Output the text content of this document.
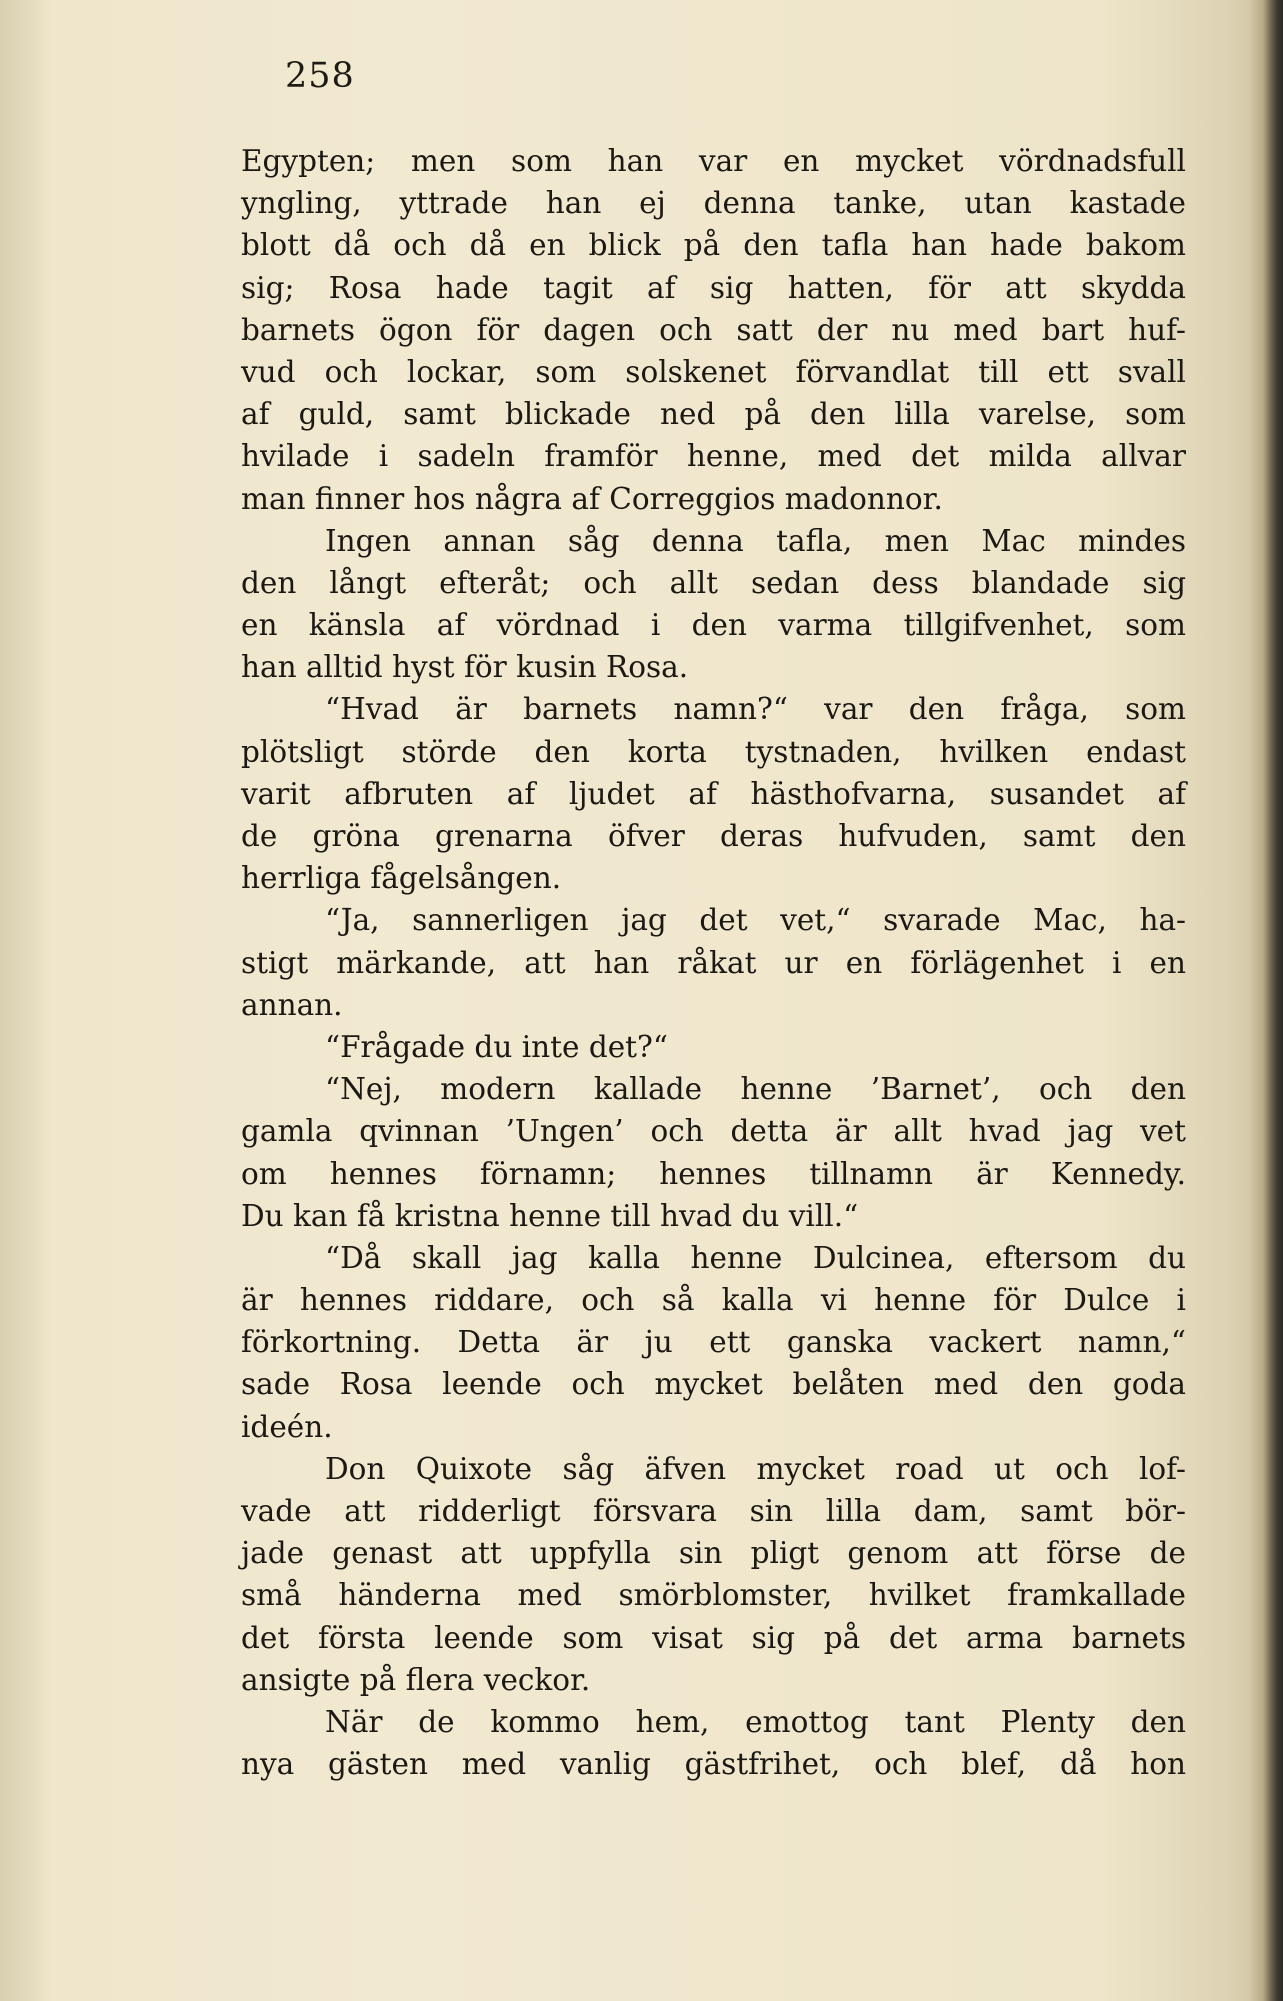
258
Egypten; men som han var en mycket vördnadsfull
yngling, yttrade han ej denna tanke, utan kastade
blott då och då en blick på den tafla han hade bakom
sig; Rosa hade tagit af sig hatten, för att skydda
barnets ögon för dagen och satt der nu med bart huf-
vud och lockar, som solskenet förvandlat till ett svall
af guld, samt blickade ned på den lilla varelse, som
hvilade i sadeln framför henne, med det milda allvar
man finner hos några af Correggios madonnor.
Ingen annan såg denna tafla, men Mac mindes
den långt efteråt; och allt sedan dess blandade sig
en känsla af vördnad i den varma tillgifvenhet, som
han alltid hyst för kusin Rosa.
“Hvad är barnets namn?“ var den fråga, som
plötsligt störde den korta tystnaden, hvilken endast
varit afbruten af ljudet af hästhofvarna, susandet af
de gröna grenarna öfver deras hufvuden, samt den
herrliga fågelsången.
“Ja, sannerligen jag det vet,“ svarade Mac, ha-
stigt märkande, att han råkat ur en förlägenhet i en
annan.
“Frågade du inte det?“
“Nej, modern kallade henne ’Barnet’, och den
gamla qvinnan ’Ungen’ och detta är allt hvad jag vet
om hennes förnamn; hennes tillnamn är Kennedy.
Du kan få kristna henne till hvad du vill.“
“Då skall jag kalla henne Dulcinea, eftersom du
är hennes riddare, och så kalla vi henne för Dulce i
förkortning. Detta är ju ett ganska vackert namn,“
sade Rosa leende och mycket belåten med den goda
ideén.
Don Quixote såg äfven mycket road ut och lof-
vade att ridderligt försvara sin lilla dam, samt bör-
jade genast att uppfylla sin pligt genom att förse de
små händerna med smörblomster, hvilket framkallade
det första leende som visat sig på det arma barnets
ansigte på flera veckor.
När de kommo hem, emottog tant Plenty den
nya gästen med vanlig gästfrihet, och blef, då hon
